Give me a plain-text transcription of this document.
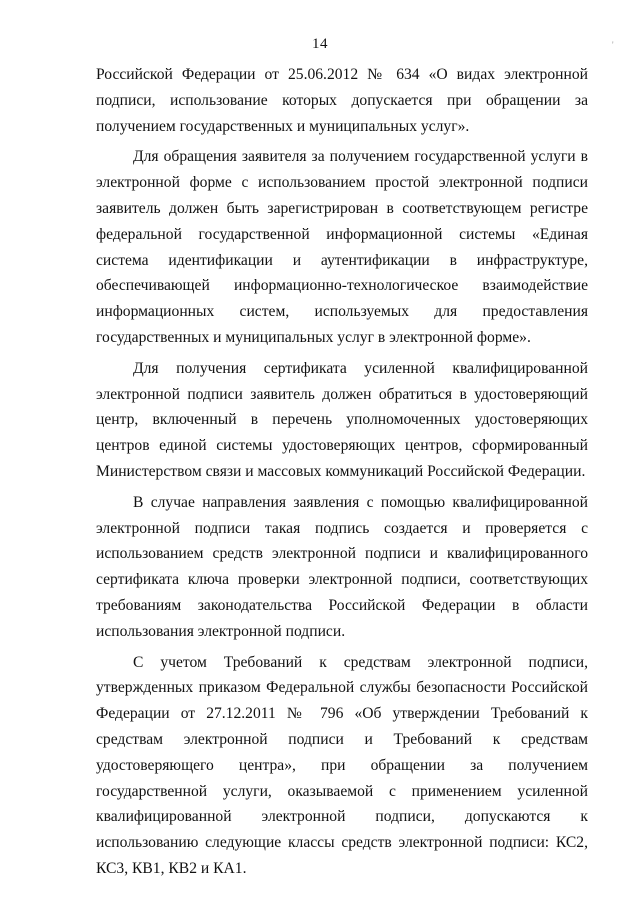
14	'

Российской Федерации от 25.06.2012 № 634 «О видах электронной подписи, использование которых допускается при обращении за получением государственных и муниципальных услуг».

Для обращения заявителя за получением государственной услуги в электронной форме с использованием простой электронной подписи заявитель должен быть зарегистрирован в соответствующем регистре федеральной государственной информационной системы «Единая система идентификации и аутентификации в инфраструктуре, обеспечивающей информационно-технологическое взаимодействие информационных систем, используемых для предоставления государственных и муниципальных услуг в электронной форме».

Для получения сертификата усиленной квалифицированной электронной подписи заявитель должен обратиться в удостоверяющий центр, включенный в перечень уполномоченных удостоверяющих центров единой системы удостоверяющих центров, сформированный Министерством связи и массовых коммуникаций Российской Федерации.

В случае направления заявления с помощью квалифицированной электронной подписи такая подпись создается и проверяется с использованием средств электронной подписи и квалифицированного сертификата ключа проверки электронной подписи, соответствующих требованиям законодательства Российской Федерации в области использования электронной подписи.

С учетом Требований к средствам электронной подписи, утвержденных приказом Федеральной службы безопасности Российской Федерации от 27.12.2011 № 796 «Об утверждении Требований к средствам электронной подписи и Требований к средствам удостоверяющего центра», при обращении за получением государственной услуги, оказываемой с применением усиленной квалифицированной электронной подписи, допускаются к использованию следующие классы средств электронной подписи: КС2, КС3, КВ1, КВ2 и КА1.
